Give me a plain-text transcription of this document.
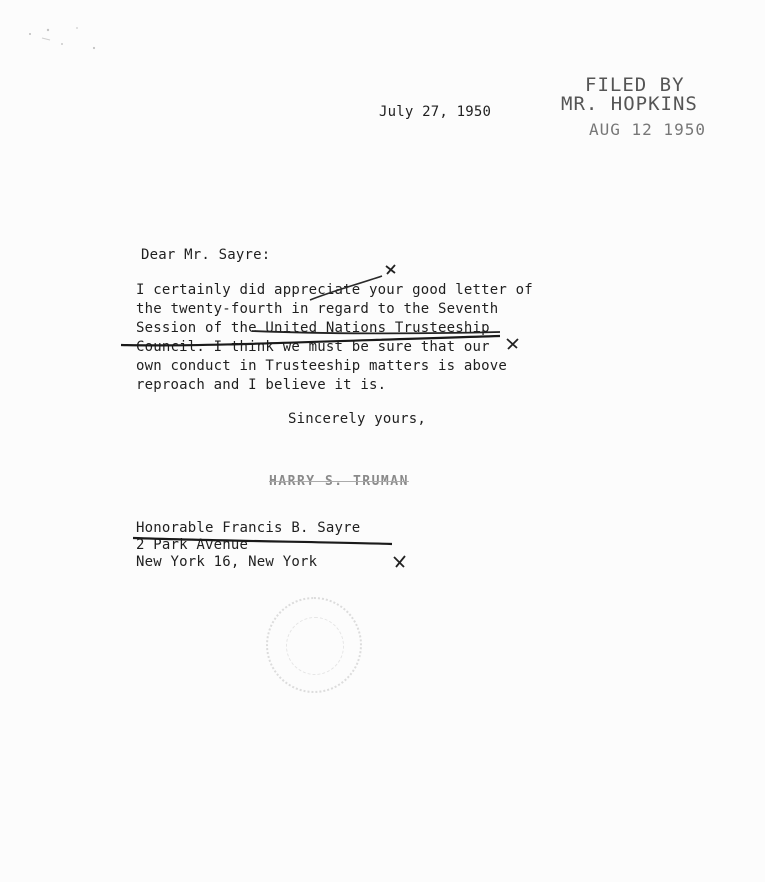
FILED BY
MR. HOPKINS
AUG 12 1950
July 27, 1950
Dear Mr. Sayre:
I certainly did appreciate your good letter of
the twenty-fourth in regard to the Seventh
Session of the United Nations Trusteeship
Council. I think we must be sure that our
own conduct in Trusteeship matters is above
reproach and I believe it is.
Sincerely yours,
HARRY S. TRUMAN
Honorable Francis B. Sayre
2 Park Avenue
New York 16, New York
